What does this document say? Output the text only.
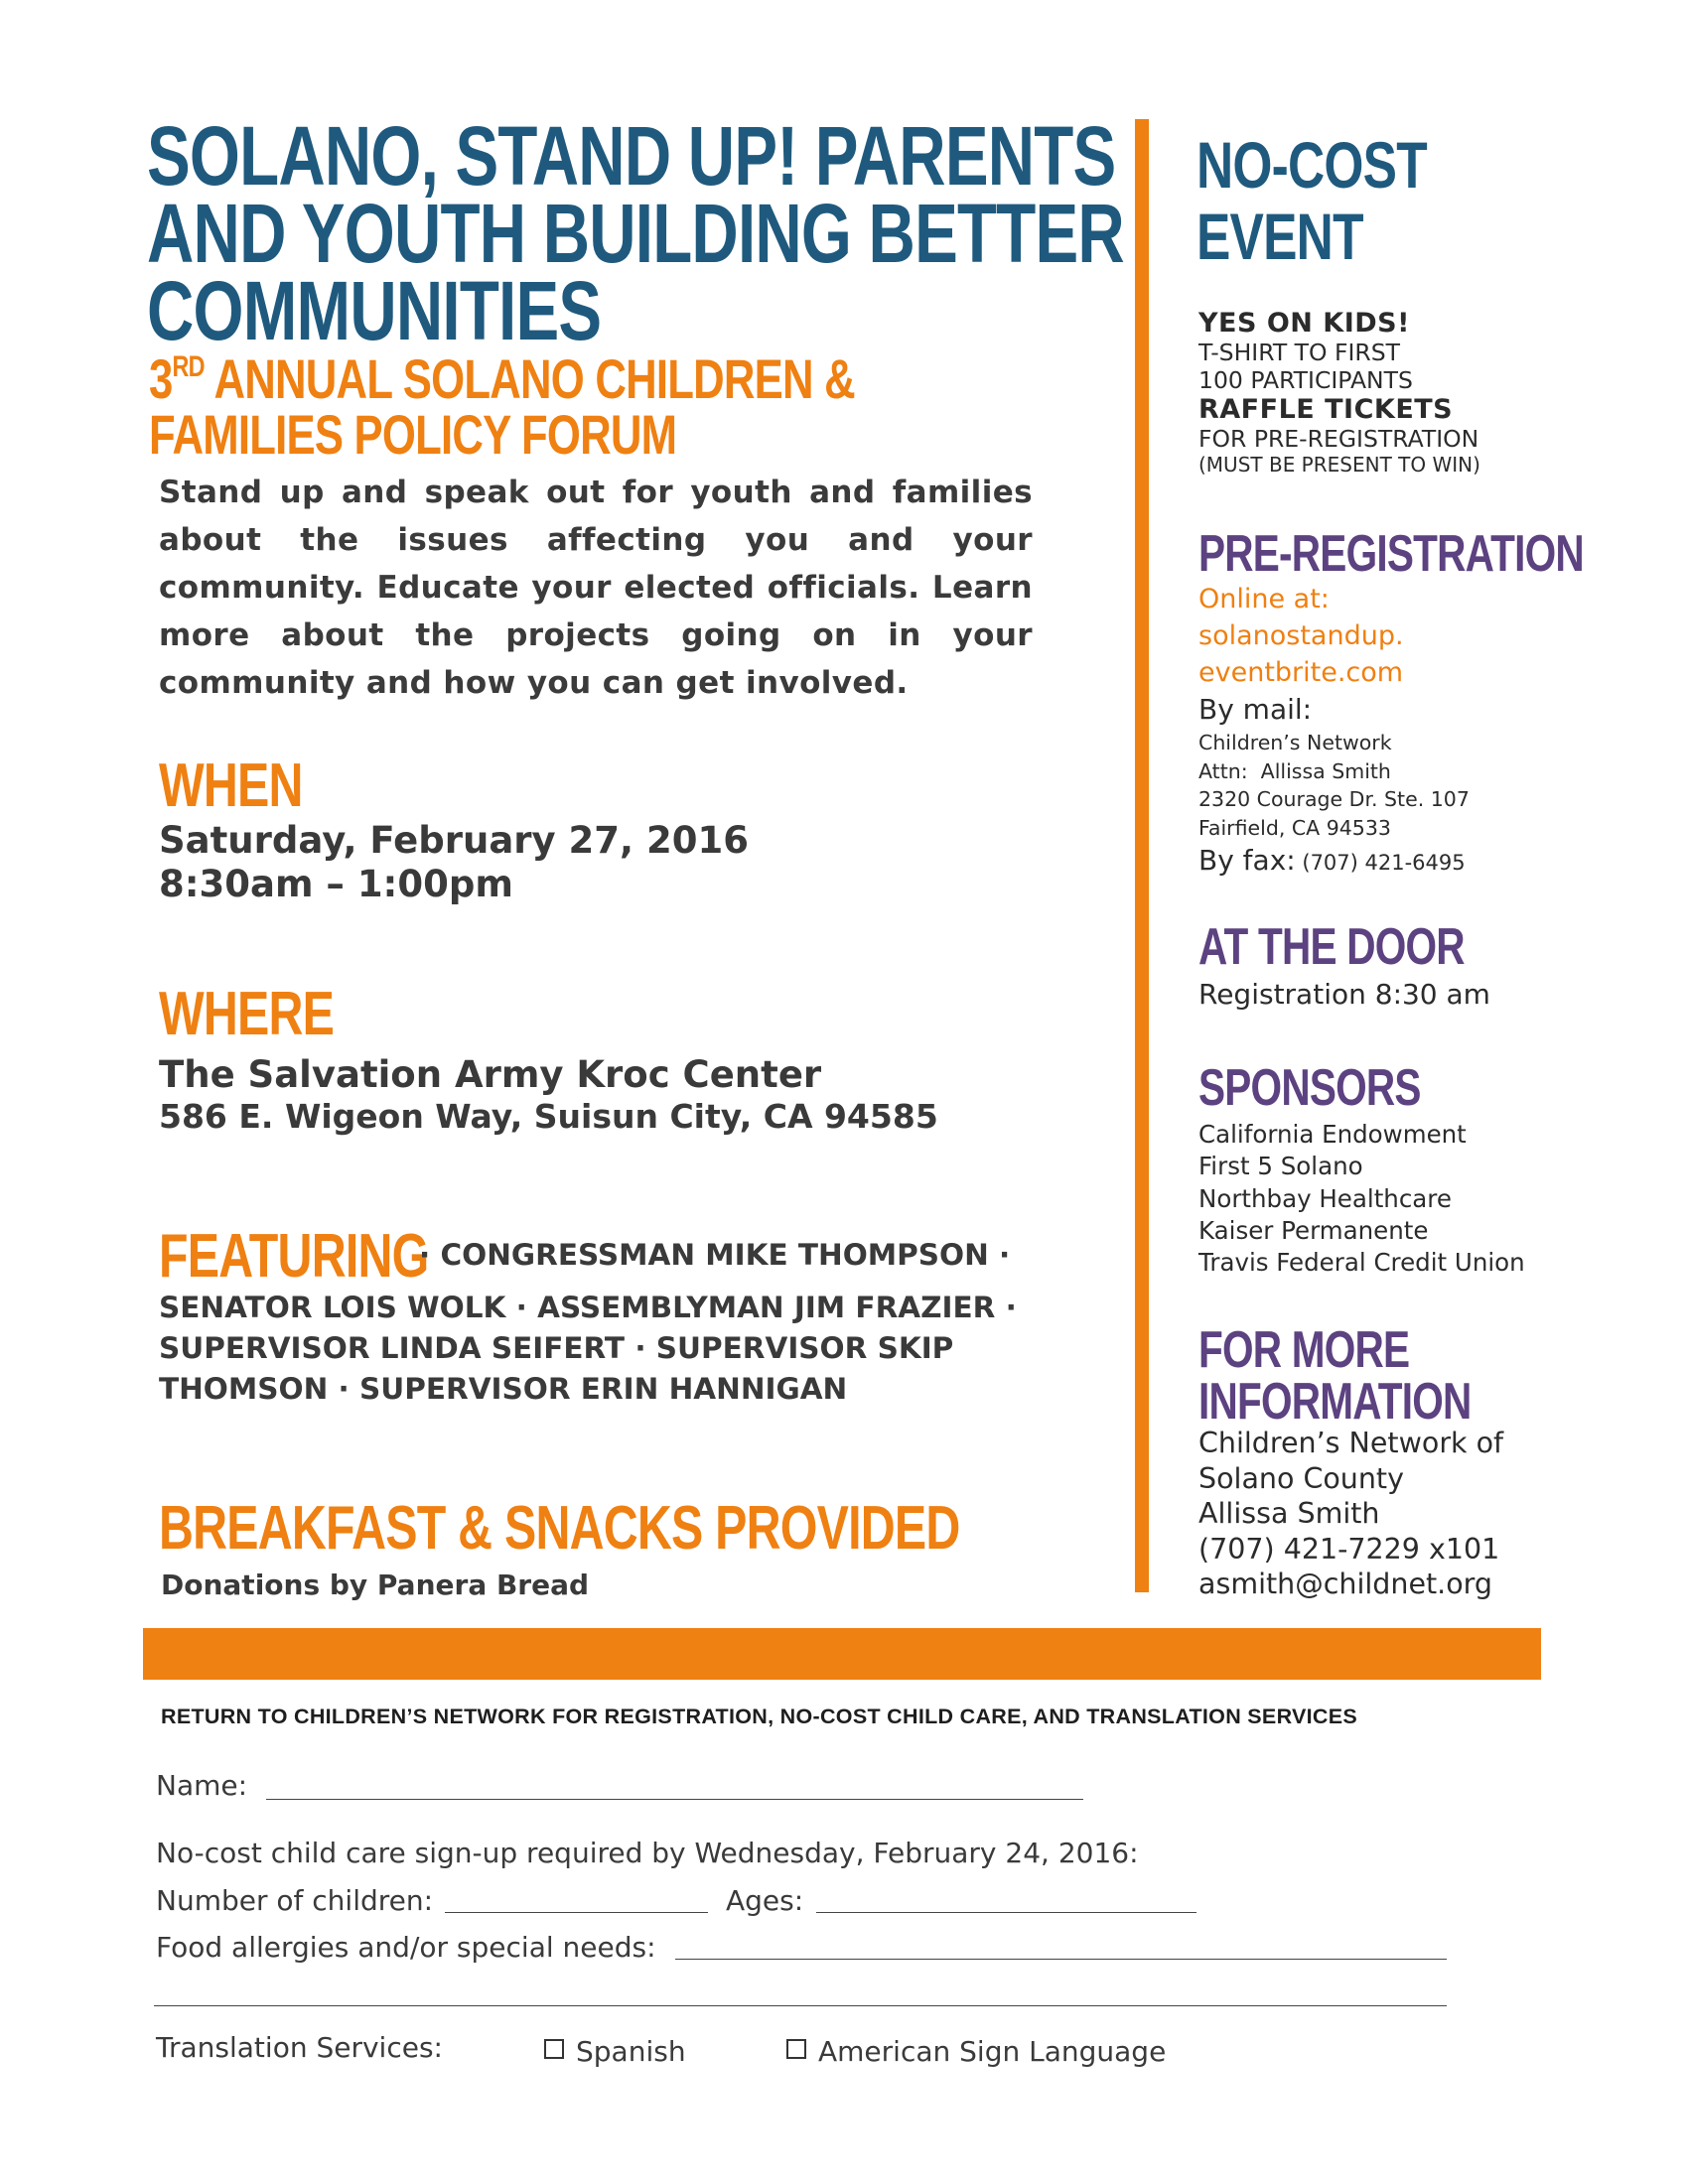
SOLANO, STAND UP! PARENTS
AND YOUTH BUILDING BETTER
COMMUNITIES
3RD ANNUAL SOLANO CHILDREN &
FAMILIES POLICY FORUM
Stand up and speak out for youth and families about the issues affecting you and your community. Educate your elected officials. Learn more about the projects going on in your community and how you can get involved.
WHEN
Saturday, February 27, 2016
8:30am – 1:00pm
WHERE
The Salvation Army Kroc Center
586 E. Wigeon Way, Suisun City, CA 94585
FEATURING
· CONGRESSMAN MIKE THOMPSON ·
SENATOR LOIS WOLK · ASSEMBLYMAN JIM FRAZIER · SUPERVISOR LINDA SEIFERT · SUPERVISOR SKIP THOMSON · SUPERVISOR ERIN HANNIGAN
BREAKFAST & SNACKS PROVIDED
Donations by Panera Bread
NO-COST
EVENT
YES ON KIDS!
T-SHIRT TO FIRST
100 PARTICIPANTS
RAFFLE TICKETS
FOR PRE-REGISTRATION
(MUST BE PRESENT TO WIN)
PRE-REGISTRATION
Online at:
solanostandup.
eventbrite.com
By mail:
Children’s Network
Attn:  Allissa Smith
2320 Courage Dr. Ste. 107
Fairfield, CA 94533
By fax: (707) 421-6495
AT THE DOOR
Registration 8:30 am
SPONSORS
California Endowment
First 5 Solano
Northbay Healthcare
Kaiser Permanente
Travis Federal Credit Union
FOR MORE
INFORMATION
Children’s Network of
Solano County
Allissa Smith
(707) 421-7229 x101
asmith@childnet.org
RETURN TO CHILDREN’S NETWORK FOR REGISTRATION, NO-COST CHILD CARE, AND TRANSLATION SERVICES
Name:
No-cost child care sign-up required by Wednesday, February 24, 2016:
Number of children:	Ages:
Food allergies and/or special needs:
Translation Services:	Spanish	American Sign Language
